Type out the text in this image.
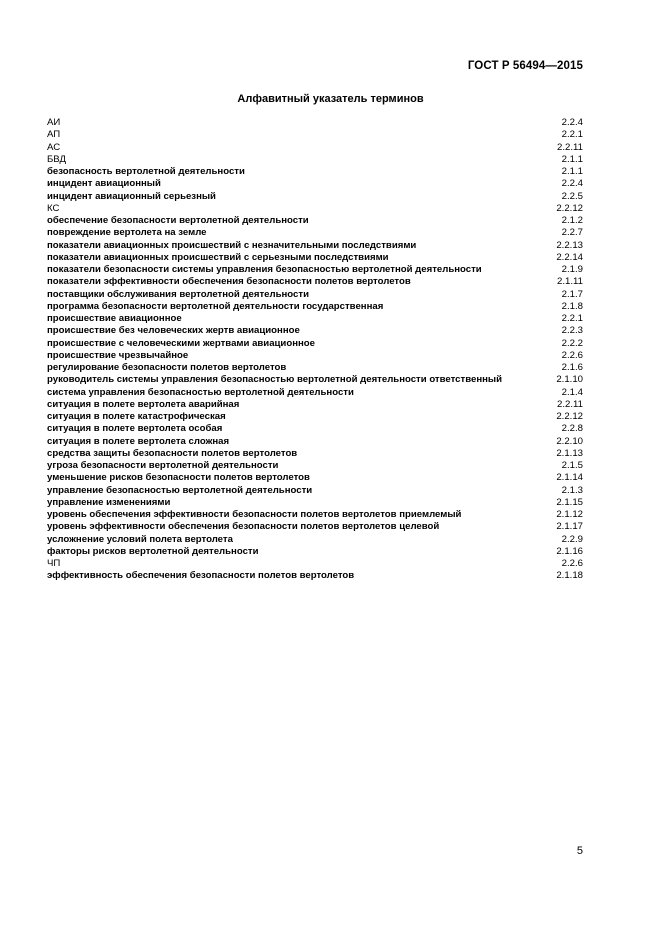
ГОСТ Р 56494—2015
Алфавитный указатель терминов
АИ	2.2.4
АП	2.2.1
АС	2.2.11
БВД	2.1.1
безопасность вертолетной деятельности	2.1.1
инцидент авиационный	2.2.4
инцидент авиационный серьезный	2.2.5
КС	2.2.12
обеспечение безопасности вертолетной деятельности	2.1.2
повреждение вертолета на земле	2.2.7
показатели авиационных происшествий с незначительными последствиями	2.2.13
показатели авиационных происшествий с серьезными последствиями	2.2.14
показатели безопасности системы управления безопасностью вертолетной деятельности	2.1.9
показатели эффективности обеспечения безопасности полетов вертолетов	2.1.11
поставщики обслуживания вертолетной деятельности	2.1.7
программа безопасности вертолетной деятельности государственная	2.1.8
происшествие авиационное	2.2.1
происшествие без человеческих жертв авиационное	2.2.3
происшествие с человеческими жертвами авиационное	2.2.2
происшествие чрезвычайное	2.2.6
регулирование безопасности полетов вертолетов	2.1.6
руководитель системы управления безопасностью вертолетной деятельности ответственный	2.1.10
система управления безопасностью вертолетной деятельности	2.1.4
ситуация в полете вертолета аварийная	2.2.11
ситуация в полете катастрофическая	2.2.12
ситуация в полете вертолета особая	2.2.8
ситуация в полете вертолета сложная	2.2.10
средства защиты безопасности полетов вертолетов	2.1.13
угроза безопасности вертолетной деятельности	2.1.5
уменьшение рисков безопасности полетов вертолетов	2.1.14
управление безопасностью вертолетной деятельности	2.1.3
управление изменениями	2.1.15
уровень обеспечения эффективности безопасности полетов вертолетов приемлемый	2.1.12
уровень эффективности обеспечения безопасности полетов вертолетов целевой	2.1.17
усложнение условий полета вертолета	2.2.9
факторы рисков вертолетной деятельности	2.1.16
ЧП	2.2.6
эффективность обеспечения безопасности полетов вертолетов	2.1.18
5
